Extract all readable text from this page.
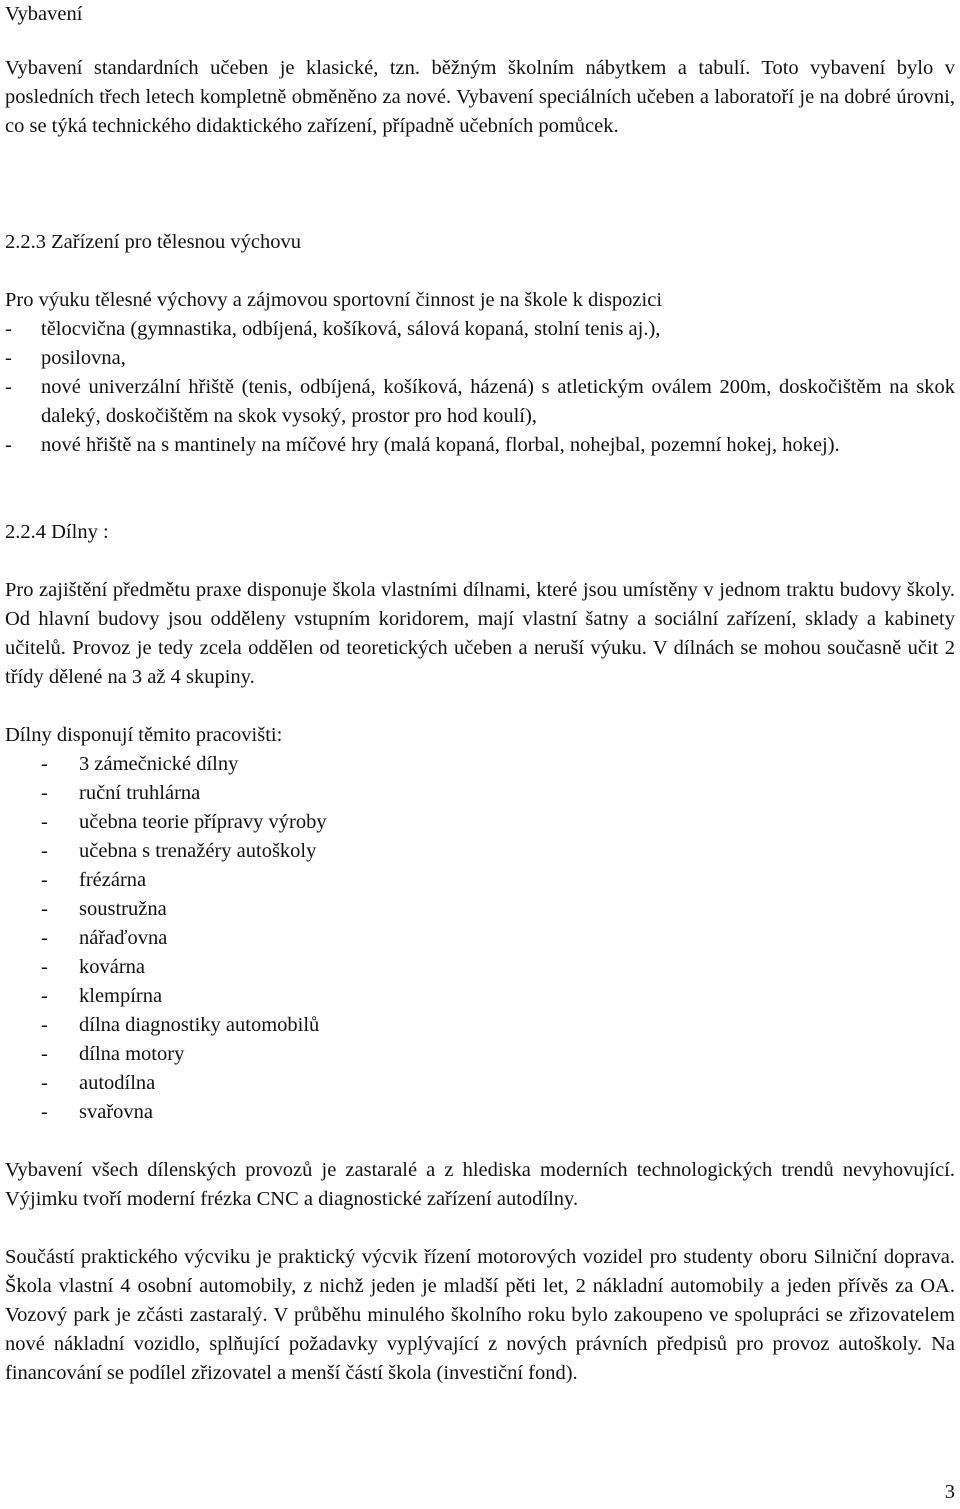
Vybavení

Vybavení standardních učeben je klasické, tzn. běžným školním nábytkem a tabulí. Toto vybavení bylo v posledních třech letech kompletně obměněno za nové. Vybavení speciálních učeben a laboratoří je na dobré úrovni, co se týká technického didaktického zařízení, případně učebních pomůcek.

2.2.3 Zařízení pro tělesnou výchovu

Pro výuku tělesné výchovy a zájmovou sportovní činnost je na škole k dispozici

- tělocvična (gymnastika, odbíjená, košíková, sálová kopaná, stolní tenis aj.),
- posilovna,
- nové univerzální hřiště (tenis, odbíjená, košíková, házená) s atletickým oválem 200m, doskočištěm na skok daleký, doskočištěm na skok vysoký, prostor pro hod koulí),
- nové hřiště na s mantinely na míčové hry (malá kopaná, florbal, nohejbal, pozemní hokej, hokej).
2.2.4 Dílny :

Pro zajištění předmětu praxe disponuje škola vlastními dílnami, které jsou umístěny v jednom traktu budovy školy. Od hlavní budovy jsou odděleny vstupním koridorem, mají vlastní šatny a sociální zařízení, sklady a kabinety učitelů. Provoz je tedy zcela oddělen od teoretických učeben a neruší výuku. V dílnách se mohou současně učit 2 třídy dělené na 3 až 4 skupiny.

Dílny disponují těmito pracovišti:

- 3 zámečnické dílny
- ruční truhlárna
- učebna teorie přípravy výroby
- učebna s trenažéry autoškoly
- frézárna
- soustružna
- nářaďovna
- kovárna
- klempírna
- dílna diagnostiky automobilů
- dílna motory
- autodílna
- svařovna

Vybavení všech dílenských provozů je zastaralé a z hlediska moderních technologických trendů nevyhovující. Výjimku tvoří moderní frézka CNC a diagnostické zařízení autodílny.

Součástí praktického výcviku je praktický výcvik řízení motorových vozidel pro studenty oboru Silniční doprava. Škola vlastní 4 osobní automobily, z nichž jeden je mladší pěti let, 2 nákladní automobily a jeden přívěs za OA. Vozový park je zčásti zastaralý. V průběhu minulého školního roku bylo zakoupeno ve spolupráci se zřizovatelem nové nákladní vozidlo, splňující požadavky vyplývající z nových právních předpisů pro provoz autoškoly. Na financování se podílel zřizovatel a menší částí škola (investiční fond).

3
